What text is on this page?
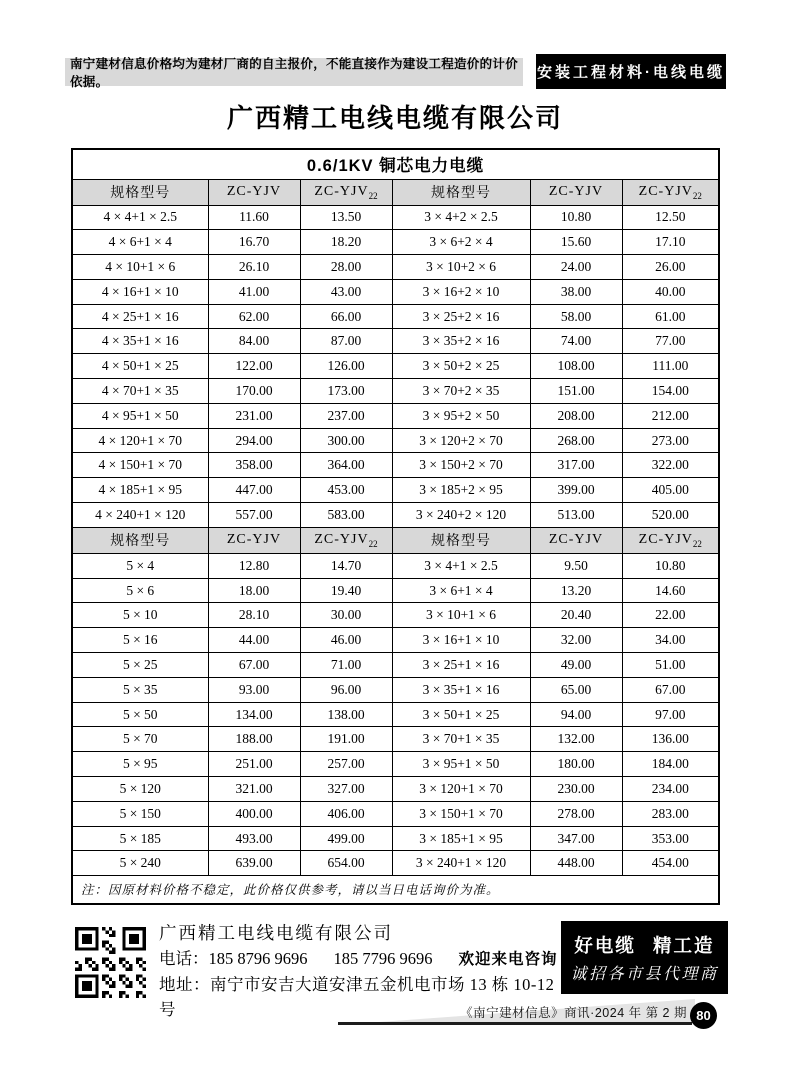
南宁建材信息价格均为建材厂商的自主报价，不能直接作为建设工程造价的计价依据。
安装工程材料·电线电缆
广西精工电线电缆有限公司
0.6/1KV 铜芯电力电缆					
规格型号	ZC-YJV	$ZC-YJV_{22}$	规格型号	ZC-YJV	$ZC-YJV_{22}$
4 × 4+1 × 2.5	11.60	13.50	3 × 4+2 × 2.5	10.80	12.50
4 × 6+1 × 4	16.70	18.20	3 × 6+2 × 4	15.60	17.10
4 × 10+1 × 6	26.10	28.00	3 × 10+2 × 6	24.00	26.00
4 × 16+1 × 10	41.00	43.00	3 × 16+2 × 10	38.00	40.00
4 × 25+1 × 16	62.00	66.00	3 × 25+2 × 16	58.00	61.00
4 × 35+1 × 16	84.00	87.00	3 × 35+2 × 16	74.00	77.00
4 × 50+1 × 25	122.00	126.00	3 × 50+2 × 25	108.00	111.00
4 × 70+1 × 35	170.00	173.00	3 × 70+2 × 35	151.00	154.00
4 × 95+1 × 50	231.00	237.00	3 × 95+2 × 50	208.00	212.00
4 × 120+1 × 70	294.00	300.00	3 × 120+2 × 70	268.00	273.00
4 × 150+1 × 70	358.00	364.00	3 × 150+2 × 70	317.00	322.00
4 × 185+1 × 95	447.00	453.00	3 × 185+2 × 95	399.00	405.00
4 × 240+1 × 120	557.00	583.00	3 × 240+2 × 120	513.00	520.00
规格型号	ZC-YJV	$ZC-YJV_{22}$	规格型号	ZC-YJV	$ZC-YJV_{22}$
5 × 4	12.80	14.70	3 × 4+1 × 2.5	9.50	10.80
5 × 6	18.00	19.40	3 × 6+1 × 4	13.20	14.60
5 × 10	28.10	30.00	3 × 10+1 × 6	20.40	22.00
5 × 16	44.00	46.00	3 × 16+1 × 10	32.00	34.00
5 × 25	67.00	71.00	3 × 25+1 × 16	49.00	51.00
5 × 35	93.00	96.00	3 × 35+1 × 16	65.00	67.00
5 × 50	134.00	138.00	3 × 50+1 × 25	94.00	97.00
5 × 70	188.00	191.00	3 × 70+1 × 35	132.00	136.00
5 × 95	251.00	257.00	3 × 95+1 × 50	180.00	184.00
5 × 120	321.00	327.00	3 × 120+1 × 70	230.00	234.00
5 × 150	400.00	406.00	3 × 150+1 × 70	278.00	283.00
5 × 185	493.00	499.00	3 × 185+1 × 95	347.00	353.00
5 × 240	639.00	654.00	3 × 240+1 × 120	448.00	454.00
注：因原材料价格不稳定，此价格仅供参考，请以当日电话询价为准。					
广西精工电线电缆有限公司
电话：185 8796 9696 185 7796 9696 欢迎来电咨询
地址：南宁市安吉大道安津五金机电市场 13 栋 10-12 号
好电缆 精工造
诚招各市县代理商
《南宁建材信息》商讯·2024 年 第 2 期 80
